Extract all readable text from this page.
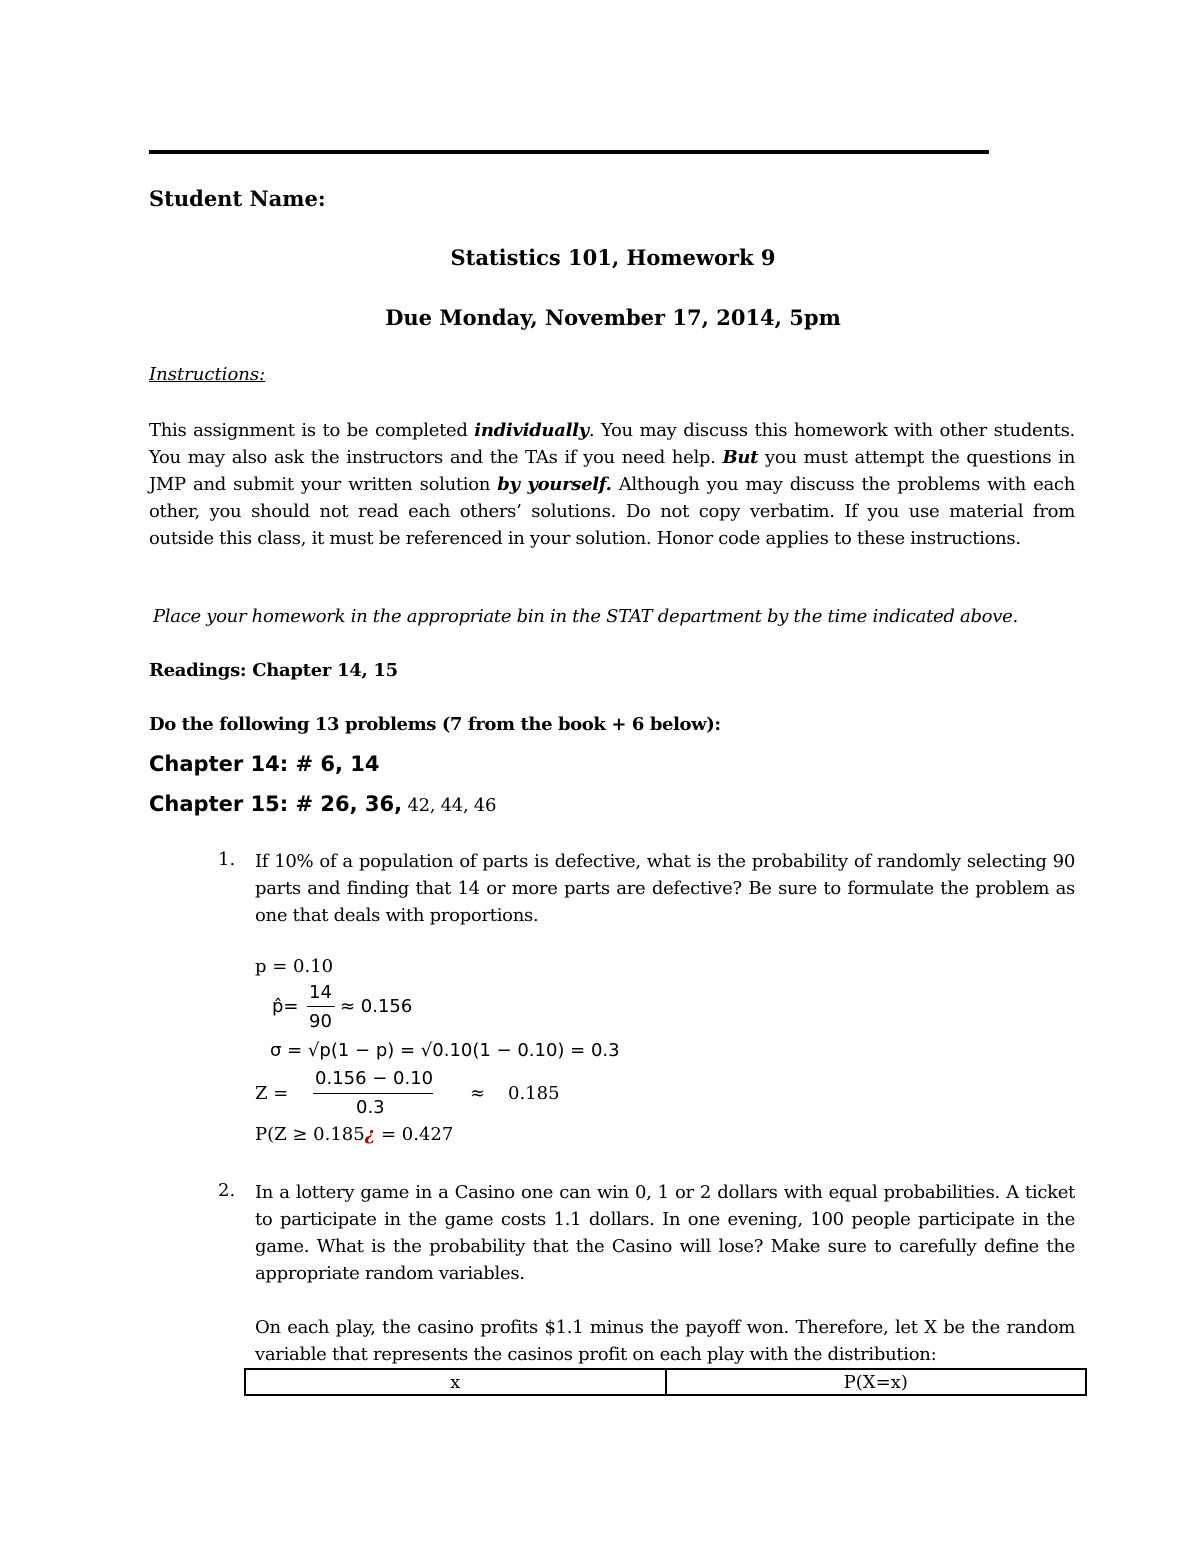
Student Name:

Statistics 101, Homework 9

Due Monday, November 17, 2014, 5pm

Instructions:

This assignment is to be completed individually. You may discuss this homework with other students. You may also ask the instructors and the TAs if you need help. But you must attempt the questions in JMP and submit your written solution by yourself. Although you may discuss the problems with each other, you should not read each others’ solutions. Do not copy verbatim. If you use material from outside this class, it must be referenced in your solution. Honor code applies to these instructions.

Place your homework in the appropriate bin in the STAT department by the time indicated above.

Readings: Chapter 14, 15

Do the following 13 problems (7 from the book + 6 below):

Chapter 14: # 6, 14

Chapter 15: # 26, 36, 42, 44, 46

1. If 10% of a population of parts is defective, what is the probability of randomly selecting 90 parts and finding that 14 or more parts are defective? Be sure to formulate the problem as one that deals with proportions.

p = 0.10

p̂=

14

90

≈ 0.156

σ = √p(1 − p) = √0.10(1 − 0.10) = 0.3

Z =

0.156 − 0.10

0.3

≈ 0.185

P(Z ≥ 0.185¿ = 0.427

2. In a lottery game in a Casino one can win 0, 1 or 2 dollars with equal probabilities. A ticket to participate in the game costs 1.1 dollars. In one evening, 100 people participate in the game. What is the probability that the Casino will lose? Make sure to carefully define the appropriate random variables.

On each play, the casino profits $1.1 minus the payoff won. Therefore, let X be the random variable that represents the casinos profit on each play with the distribution:

x	P(X=x)
